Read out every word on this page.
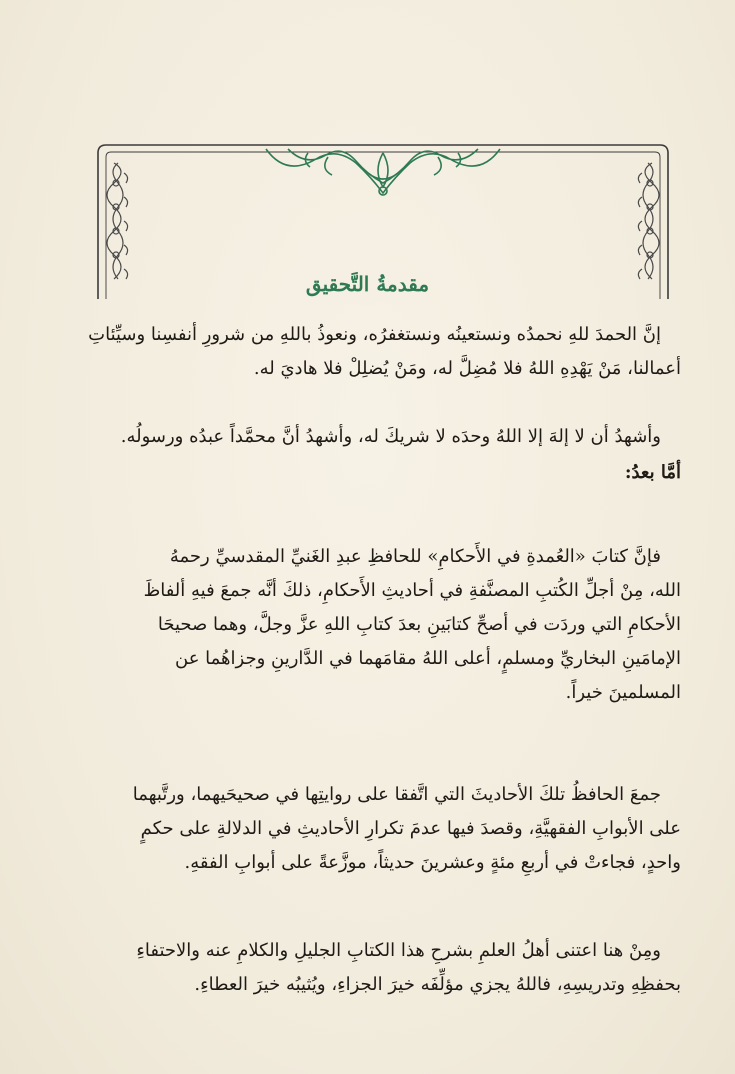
مقدمةُ التَّحقيق
إنَّ الحمدَ للهِ نحمدُه ونستعينُه ونستغفرُه، ونعوذُ باللهِ من شرورِ أنفسِنا وسيِّئاتِ
أعمالنا، مَنْ يَهْدِهِ اللهُ فلا مُضِلَّ له، ومَنْ يُضلِلْ فلا هاديَ له.
وأشهدُ أن لا إلهَ إلا اللهُ وحدَه لا شريكَ له، وأشهدُ أنَّ محمَّداً عبدُه ورسولُه.
أمَّا بعدُ:
فإنَّ كتابَ «العُمدةِ في الأَحكامِ» للحافظِ عبدِ الغَنيِّ المقدسيِّ رحمهُ
الله، مِنْ أجلِّ الكُتبِ المصنَّفةِ في أحاديثِ الأَحكامِ، ذلكَ أنَّه جمعَ فيهِ ألفاظَ
الأحكامِ التي وردَت في أصحِّ كتابَينِ بعدَ كتابِ اللهِ عزَّ وجلَّ، وهما صحيحَا
الإمامَينِ البخاريِّ ومسلمٍ، أعلى اللهُ مقامَهما في الدَّارينِ وجزاهُما عن
المسلمينَ خيراً.
جمعَ الحافظُ تلكَ الأحاديثَ التي اتَّفقا على روايتِها في صحيحَيهما، ورتَّبهما
على الأبوابِ الفقهيَّةِ، وقصدَ فيها عدمَ تكرارِ الأحاديثِ في الدلالةِ على حكمٍ
واحدٍ، فجاءتْ في أربعِ مئةٍ وعشرينَ حديثاً، موزَّعةً على أبوابِ الفقهِ.
ومِنْ هنا اعتنى أهلُ العلمِ بشرحِ هذا الكتابِ الجليلِ والكلامِ عنه والاحتفاءِ
بحفظِهِ وتدريسِهِ، فاللهُ يجزي مؤلِّفَه خيرَ الجزاءِ، ويُثيبُه خيرَ العطاءِ.
